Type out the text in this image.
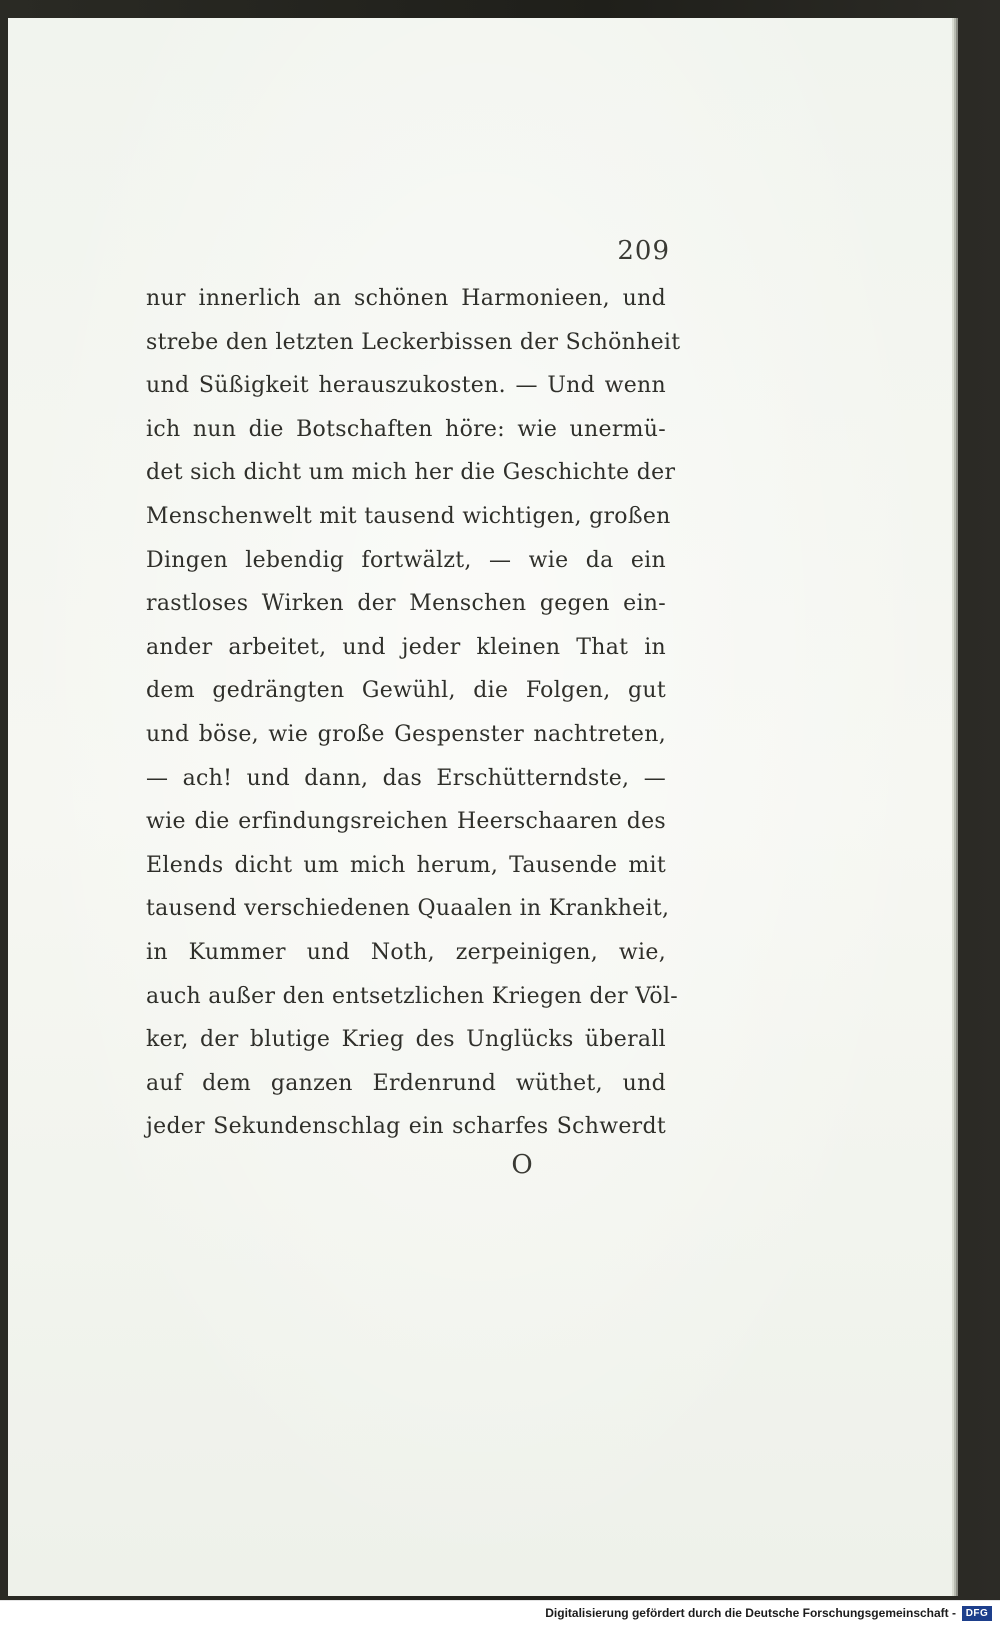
209
nur innerlich an schönen Harmonieen, und
strebe den letzten Leckerbissen der Schönheit
und Süßigkeit herauszukosten. — Und wenn
ich nun die Botschaften höre: wie unermü-
det sich dicht um mich her die Geschichte der
Menschenwelt mit tausend wichtigen, großen
Dingen lebendig fortwälzt, — wie da ein
rastloses Wirken der Menschen gegen ein-
ander arbeitet, und jeder kleinen That in
dem gedrängten Gewühl, die Folgen, gut
und böse, wie große Gespenster nachtreten,
— ach! und dann, das Erschütterndste, —
wie die erfindungsreichen Heerschaaren des
Elends dicht um mich herum, Tausende mit
tausend verschiedenen Quaalen in Krankheit,
in Kummer und Noth, zerpeinigen, wie,
auch außer den entsetzlichen Kriegen der Völ-
ker, der blutige Krieg des Unglücks überall
auf dem ganzen Erdenrund wüthet, und
jeder Sekundenschlag ein scharfes Schwerdt
O
Digitalisierung gefördert durch die Deutsche Forschungsgemeinschaft - DFG
